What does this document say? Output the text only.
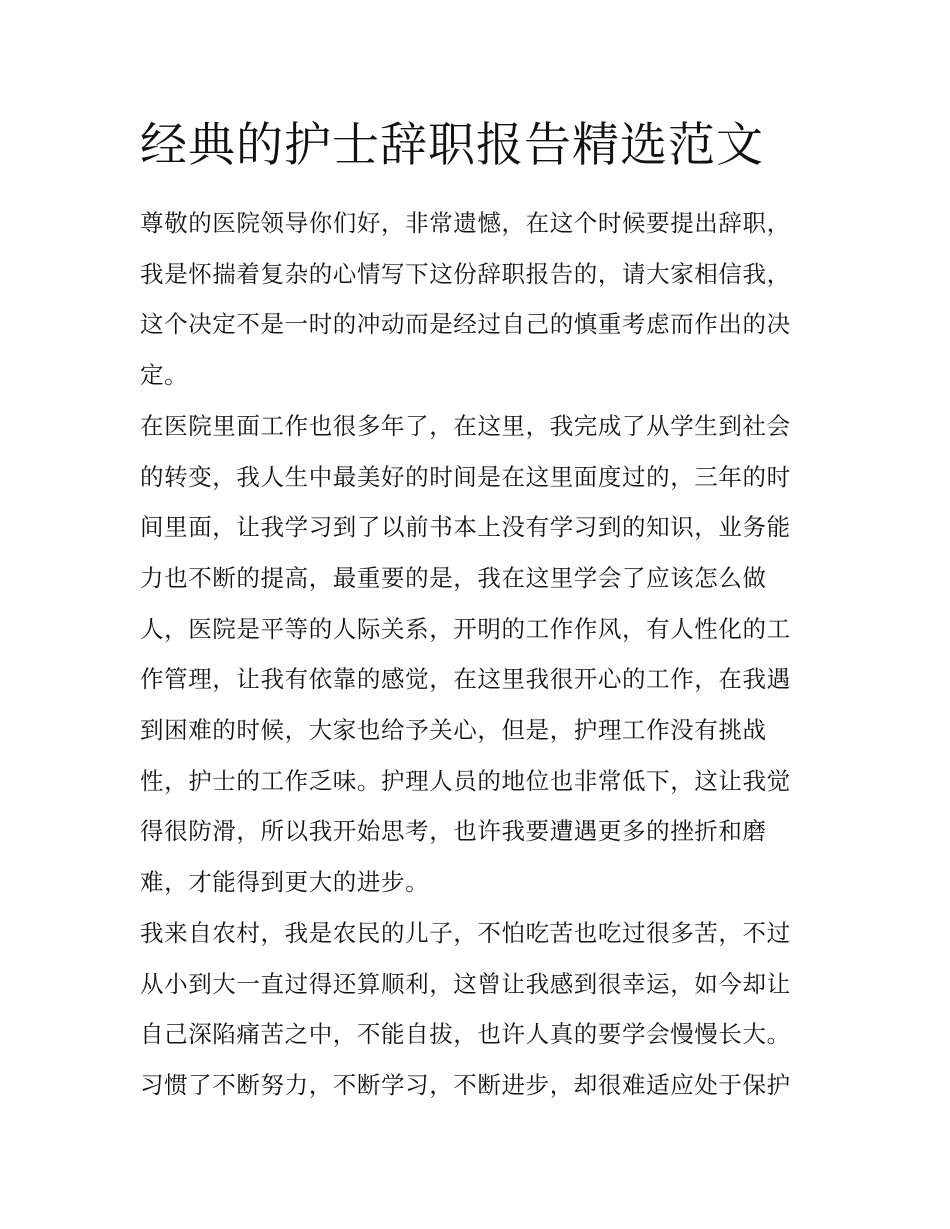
经典的护士辞职报告精选范文

尊敬的医院领导你们好，非常遗憾，在这个时候要提出辞职，
我是怀揣着复杂的心情写下这份辞职报告的，请大家相信我，
这个决定不是一时的冲动而是经过自己的慎重考虑而作出的决
定。

在医院里面工作也很多年了，在这里，我完成了从学生到社会
的转变，我人生中最美好的时间是在这里面度过的，三年的时
间里面，让我学习到了以前书本上没有学习到的知识，业务能
力也不断的提高，最重要的是，我在这里学会了应该怎么做
人，医院是平等的人际关系，开明的工作作风，有人性化的工
作管理，让我有依靠的感觉，在这里我很开心的工作，在我遇
到困难的时候，大家也给予关心，但是，护理工作没有挑战
性，护士的工作乏味。护理人员的地位也非常低下，这让我觉
得很防滑，所以我开始思考，也许我要遭遇更多的挫折和磨
难，才能得到更大的进步。

我来自农村，我是农民的儿子，不怕吃苦也吃过很多苦，不过
从小到大一直过得还算顺利，这曾让我感到很幸运，如今却让
自己深陷痛苦之中，不能自拔，也许人真的要学会慢慢长大。
习惯了不断努力，不断学习，不断进步，却很难适应处于保护
